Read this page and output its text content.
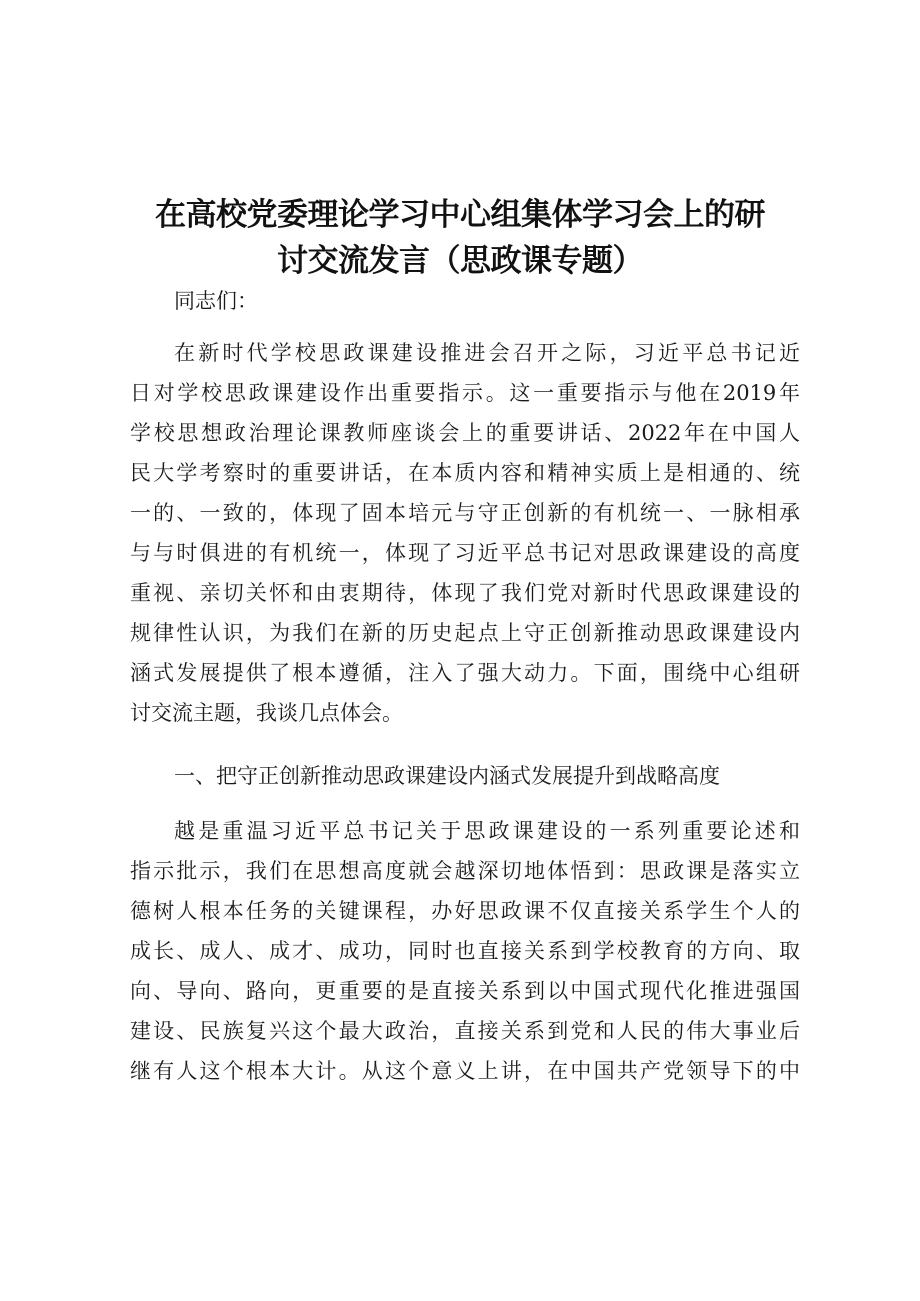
在高校党委理论学习中心组集体学习会上的研
讨交流发言（思政课专题）
同志们：
在新时代学校思政课建设推进会召开之际，习近平总书记近
日对学校思政课建设作出重要指示。这一重要指示与他在2019年
学校思想政治理论课教师座谈会上的重要讲话、2022年在中国人
民大学考察时的重要讲话，在本质内容和精神实质上是相通的、统
一的、一致的，体现了固本培元与守正创新的有机统一、一脉相承
与与时俱进的有机统一，体现了习近平总书记对思政课建设的高度
重视、亲切关怀和由衷期待，体现了我们党对新时代思政课建设的
规律性认识，为我们在新的历史起点上守正创新推动思政课建设内
涵式发展提供了根本遵循，注入了强大动力。下面，围绕中心组研
讨交流主题，我谈几点体会。
一、把守正创新推动思政课建设内涵式发展提升到战略高度
越是重温习近平总书记关于思政课建设的一系列重要论述和
指示批示，我们在思想高度就会越深切地体悟到：思政课是落实立
德树人根本任务的关键课程，办好思政课不仅直接关系学生个人的
成长、成人、成才、成功，同时也直接关系到学校教育的方向、取
向、导向、路向，更重要的是直接关系到以中国式现代化推进强国
建设、民族复兴这个最大政治，直接关系到党和人民的伟大事业后
继有人这个根本大计。从这个意义上讲，在中国共产党领导下的中
